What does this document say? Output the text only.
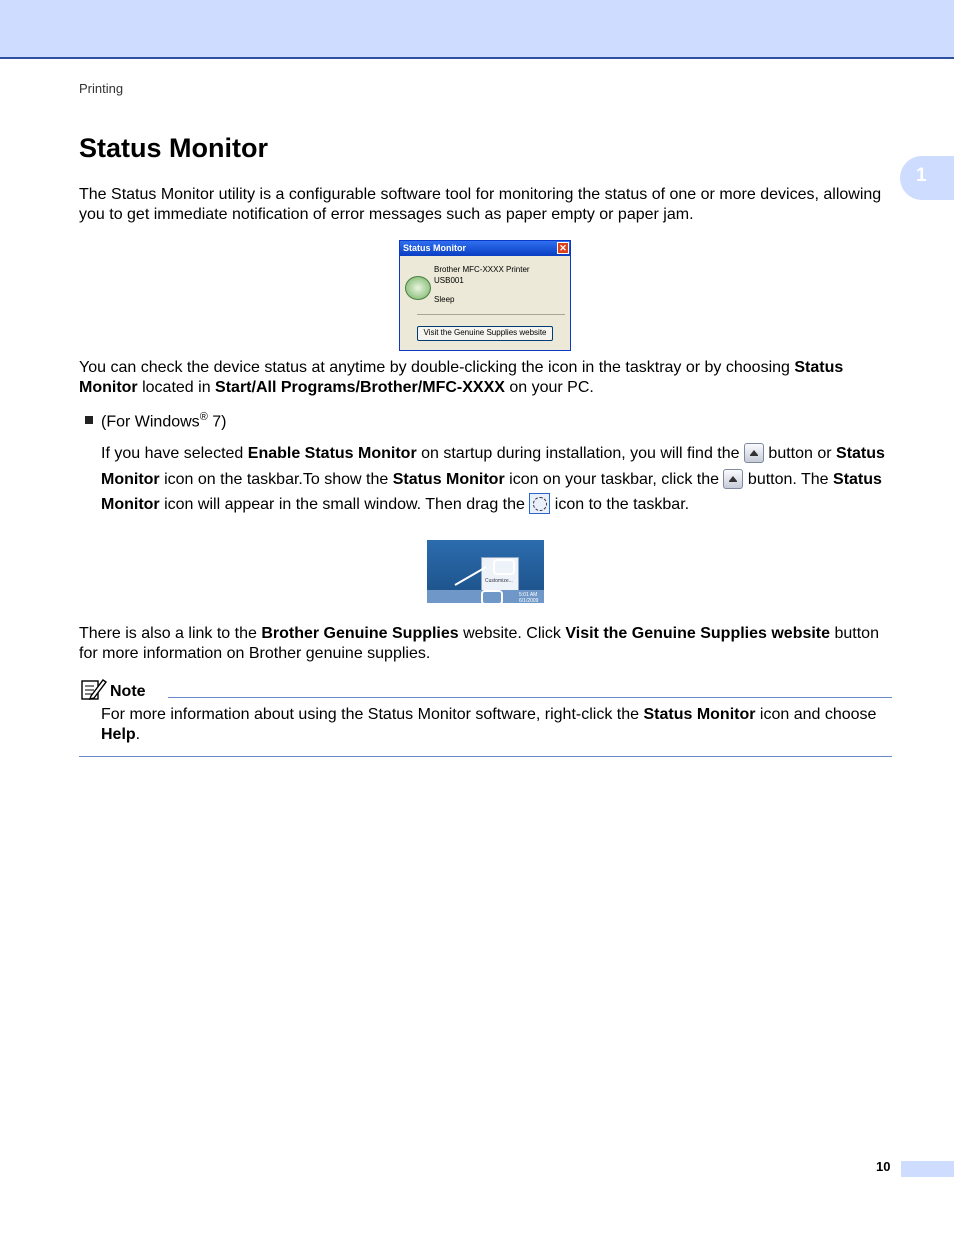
Printing
1
Status Monitor

The Status Monitor utility is a configurable software tool for monitoring the status of one or more devices, allowing you to get immediate notification of error messages such as paper empty or paper jam.

Status Monitor	✕
Brother MFC-XXXX Printer
USB001
Sleep
Visit the Genuine Supplies website

You can check the device status at anytime by double-clicking the icon in the tasktray or by choosing Status Monitor located in Start/All Programs/Brother/MFC-XXXX on your PC.

(For Windows® 7)

If you have selected Enable Status Monitor on startup during installation, you will find the  button or Status Monitor icon on the taskbar.To show the Status Monitor icon on your taskbar, click the  button. The Status Monitor icon will appear in the small window. Then drag the  icon to the taskbar.

Customize...
5:01 AM
6/1/2009

There is also a link to the Brother Genuine Supplies website. Click Visit the Genuine Supplies website button for more information on Brother genuine supplies.

Note

For more information about using the Status Monitor software, right-click the Status Monitor icon and choose Help.

10
